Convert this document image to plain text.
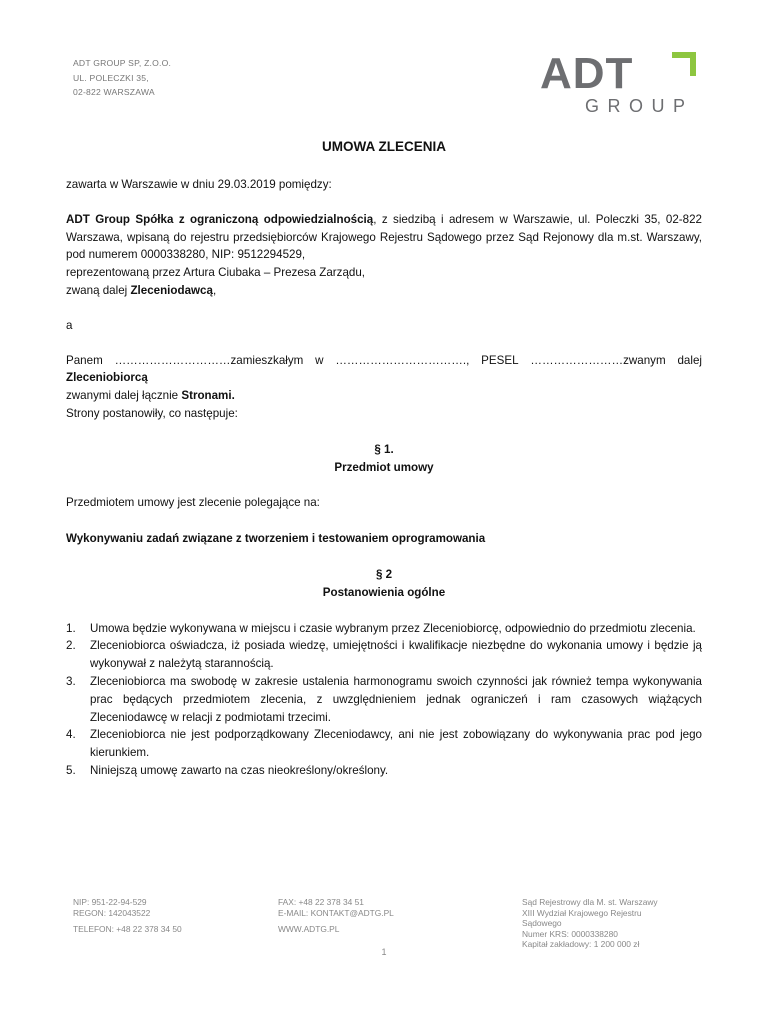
ADT GROUP SP, Z.O.O.
UL. POLECZKI 35,
02-822 WARSZAWA	ADT
GROUP
UMOWA ZLECENIA

zawarta w Warszawie w dniu 29.03.2019 pomiędzy:

ADT Group Spółka z ograniczoną odpowiedzialnością, z siedzibą i adresem w Warszawie, ul. Poleczki 35, 02-822 Warszawa, wpisaną do rejestru przedsiębiorców Krajowego Rejestru Sądowego przez Sąd Rejonowy dla m.st. Warszawy, pod numerem 0000338280, NIP: 9512294529,

reprezentowaną przez Artura Ciubaka – Prezesa Zarządu,

zwaną dalej Zleceniodawcą,

a

Panem …………………………zamieszkałym w ……………………………., PESEL ……………………zwanym dalej

Zleceniobiorcą

zwanymi dalej łącznie Stronami.

Strony postanowiły, co następuje:

§ 1.

Przedmiot umowy

Przedmiotem umowy jest zlecenie polegające na:

Wykonywaniu zadań związane z tworzeniem i testowaniem oprogramowania

§ 2

Postanowienia ogólne

1.	Umowa będzie wykonywana w miejscu i czasie wybranym przez Zleceniobiorcę, odpowiednio do przedmiotu zlecenia.
2.	Zleceniobiorca oświadcza, iż posiada wiedzę, umiejętności i kwalifikacje niezbędne do wykonania umowy i będzie ją wykonywał z należytą starannością.
3.	Zleceniobiorca ma swobodę w zakresie ustalenia harmonogramu swoich czynności jak również tempa wykonywania prac będących przedmiotem zlecenia, z uwzględnieniem jednak ograniczeń i ram czasowych wiążących Zleceniodawcę w relacji z podmiotami trzecimi.
4.	Zleceniobiorca nie jest podporządkowany Zleceniodawcy, ani nie jest zobowiązany do wykonywania prac pod jego kierunkiem.
5.	Niniejszą umowę zawarto na czas nieokreślony/określony.
NIP: 951-22-94-529
REGON: 142043522
TELEFON: +48 22 378 34 50
FAX: +48 22 378 34 51
E-MAIL: KONTAKT@ADTG.PL
WWW.ADTG.PL
Sąd Rejestrowy dla M. st. Warszawy
XIII Wydział Krajowego Rejestru
Sądowego
Numer KRS: 0000338280
Kapitał zakładowy: 1 200 000 zł
1
